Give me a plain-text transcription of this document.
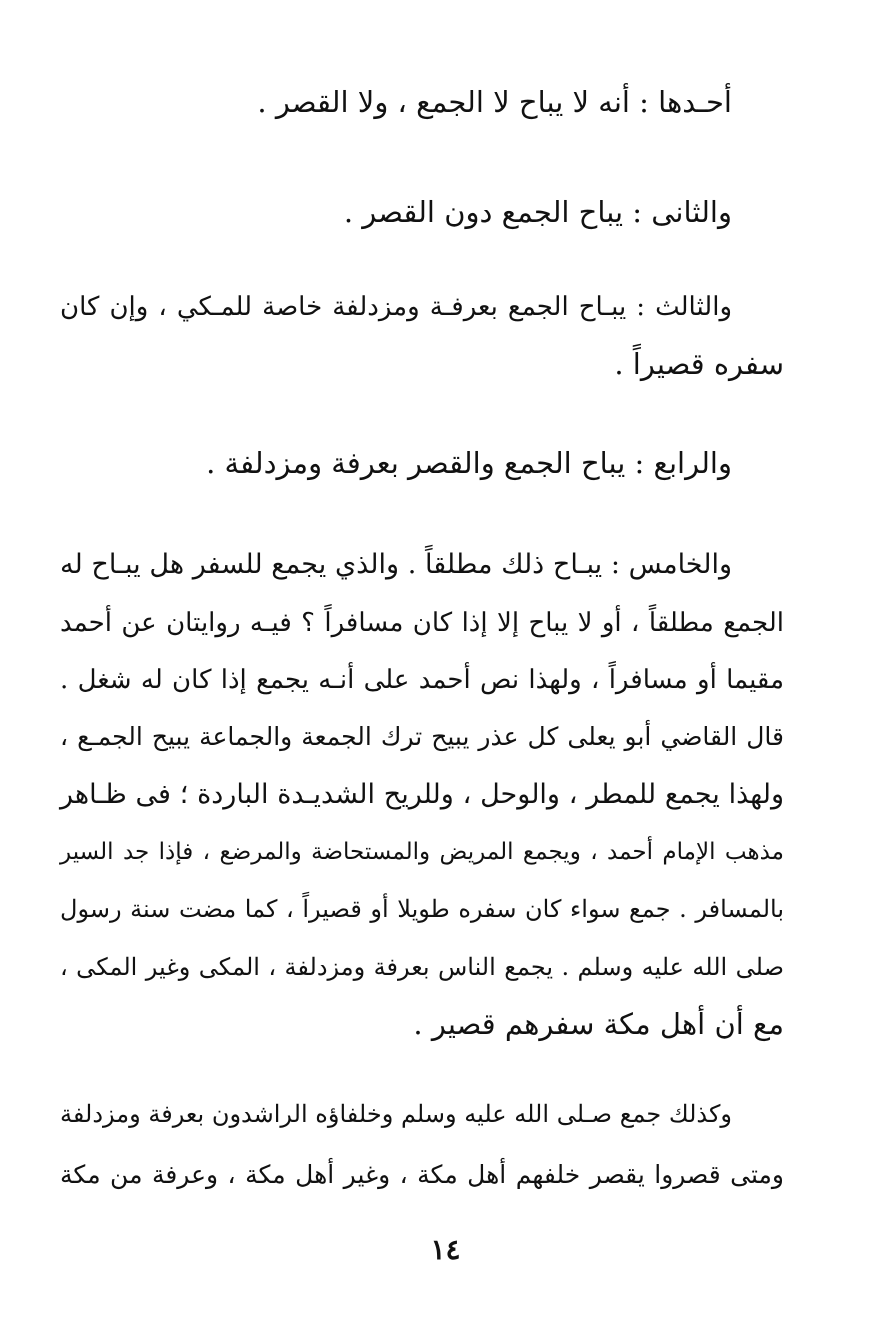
أحـدها : أنه لا يباح لا الجمع ، ولا القصر .
والثانى : يباح الجمع دون القصر .
والثالث : يبـاح الجمع بعرفـة ومزدلفة خاصة للمـكي ، وإن كان
سفره قصيراً .
والرابع : يباح الجمع والقصر بعرفة ومزدلفة .
والخامس : يبـاح ذلك مطلقاً . والذي يجمع للسفر هل يبـاح له
الجمع مطلقاً ، أو لا يباح إلا إذا كان مسافراً ؟ فيـه روايتان عن أحمد
مقيما أو مسافراً ، ولهذا نص أحمد على أنـه يجمع إذا كان له شغل .
قال القاضي أبو يعلى كل عذر يبيح ترك الجمعة والجماعة يبيح الجمـع ،
ولهذا يجمع للمطر ، والوحل ، وللريح الشديـدة الباردة ؛ فى ظـاهر
مذهب الإمام أحمد ، ويجمع المريض والمستحاضة والمرضع ، فإذا جد السير
بالمسافر . جمع سواء كان سفره طويلا أو قصيراً ، كما مضت سنة رسول
صلى الله عليه وسلم . يجمع الناس بعرفة ومزدلفة ، المكى وغير المكى ،
مع أن أهل مكة سفرهم قصير .
وكذلك جمع صـلى الله عليه وسلم وخلفاؤه الراشدون بعرفة ومزدلفة
ومتى قصروا يقصر خلفهم أهل مكة ، وغير أهل مكة ، وعرفة من مكة
١٤
